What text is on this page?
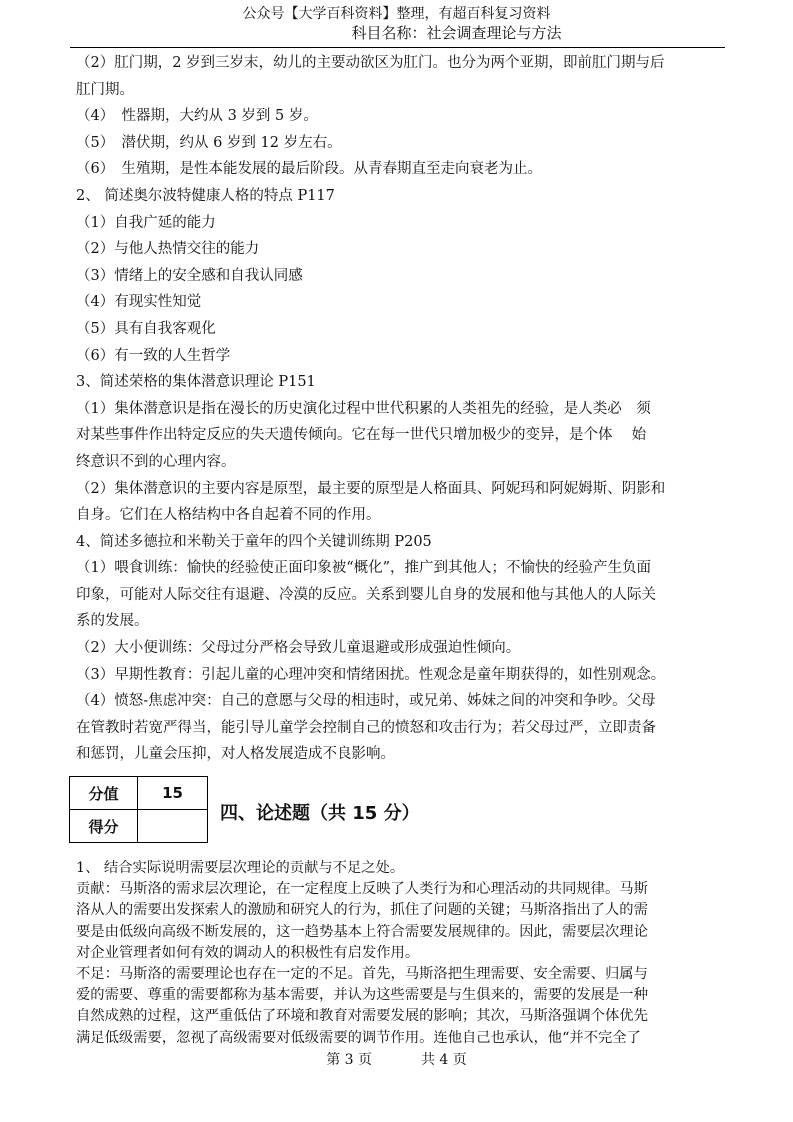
公众号【大学百科资料】整理，有超百科复习资料
科目名称：社会调查理论与方法

（2）肛门期，2 岁到三岁末，幼儿的主要动欲区为肛门。也分为两个亚期，即前肛门期与后

肛门期。

（4）　性器期，大约从 3 岁到 5 岁。

（5）　潜伏期，约从 6 岁到 12 岁左右。

（6）　生殖期，是性本能发展的最后阶段。从青春期直至走向衰老为止。

2、 简述奥尔波特健康人格的特点 P117

（1）自我广延的能力

（2）与他人热情交往的能力

（3）情绪上的安全感和自我认同感

（4）有现实性知觉

（5）具有自我客观化

（6）有一致的人生哲学

3、简述荣格的集体潜意识理论 P151

（1）集体潜意识是指在漫长的历史演化过程中世代积累的人类祖先的经验，是人类必　须

对某些事件作出特定反应的失天遗传倾向。它在每一世代只增加极少的变异，是个体　 始

终意识不到的心理内容。

（2）集体潜意识的主要内容是原型，最主要的原型是人格面具、阿妮玛和阿妮姆斯、阴影和

自身。它们在人格结构中各自起着不同的作用。

4、简述多德拉和米勒关于童年的四个关键训练期 P205

（1）喂食训练：愉快的经验使正面印象被“概化”，推广到其他人；不愉快的经验产生负面

印象，可能对人际交往有退避、冷漠的反应。关系到婴儿自身的发展和他与其他人的人际关

系的发展。

（2）大小便训练：父母过分严格会导致儿童退避或形成强迫性倾向。

（3）早期性教育：引起儿童的心理冲突和情绪困扰。性观念是童年期获得的，如性别观念。

（4）愤怒-焦虑冲突：自己的意愿与父母的相违时，或兄弟、姊妹之间的冲突和争吵。父母

在管教时若宽严得当，能引导儿童学会控制自己的愤怒和攻击行为；若父母过严，立即责备

和惩罚，儿童会压抑，对人格发展造成不良影响。

分值	15
得分	
四、论述题（共 15 分）

1、 结合实际说明需要层次理论的贡献与不足之处。

贡献：马斯洛的需求层次理论，在一定程度上反映了人类行为和心理活动的共同规律。马斯

洛从人的需要出发探索人的激励和研究人的行为，抓住了问题的关键；马斯洛指出了人的需

要是由低级向高级不断发展的，这一趋势基本上符合需要发展规律的。因此，需要层次理论

对企业管理者如何有效的调动人的积极性有启发作用。

不足：马斯洛的需要理论也存在一定的不足。首先，马斯洛把生理需要、安全需要、归属与

爱的需要、尊重的需要都称为基本需要，并认为这些需要是与生俱来的，需要的发展是一种

自然成熟的过程，这严重低估了环境和教育对需要发展的影响；其次，马斯洛强调个体优先

满足低级需要，忽视了高级需要对低级需要的调节作用。连他自己也承认，他“并不完全了

第 3 页	共 4 页
